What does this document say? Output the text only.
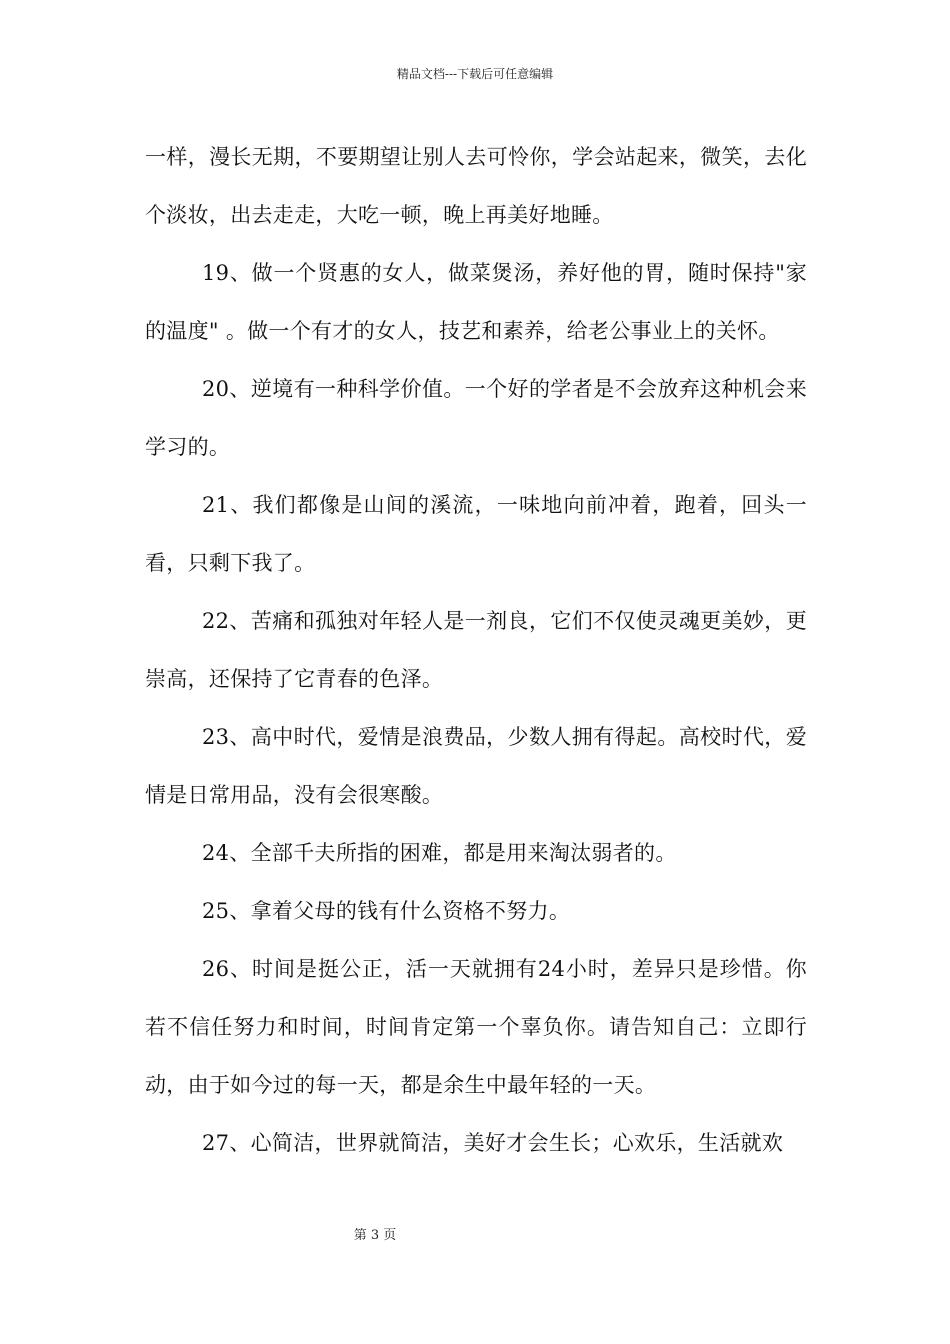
精品文档---下载后可任意编辑

一样，漫长无期，不要期望让别人去可怜你，学会站起来，微笑，去化个淡妆，出去走走，大吃一顿，晚上再美好地睡。

19、做一个贤惠的女人，做菜煲汤，养好他的胃，随时保持"家的温度" 。做一个有才的女人，技艺和素养，给老公事业上的关怀。

20、逆境有一种科学价值。一个好的学者是不会放弃这种机会来学习的。

21、我们都像是山间的溪流，一味地向前冲着，跑着，回头一看，只剩下我了。

22、苦痛和孤独对年轻人是一剂良，它们不仅使灵魂更美妙，更崇高，还保持了它青春的色泽。

23、高中时代，爱情是浪费品，少数人拥有得起。高校时代，爱情是日常用品，没有会很寒酸。

24、全部千夫所指的困难，都是用来淘汰弱者的。

25、拿着父母的钱有什么资格不努力。

26、时间是挺公正，活一天就拥有24小时，差异只是珍惜。你若不信任努力和时间，时间肯定第一个辜负你。请告知自己：立即行动，由于如今过的每一天，都是余生中最年轻的一天。

27、心简洁，世界就简洁，美好才会生长；心欢乐，生活就欢

第 3 页
